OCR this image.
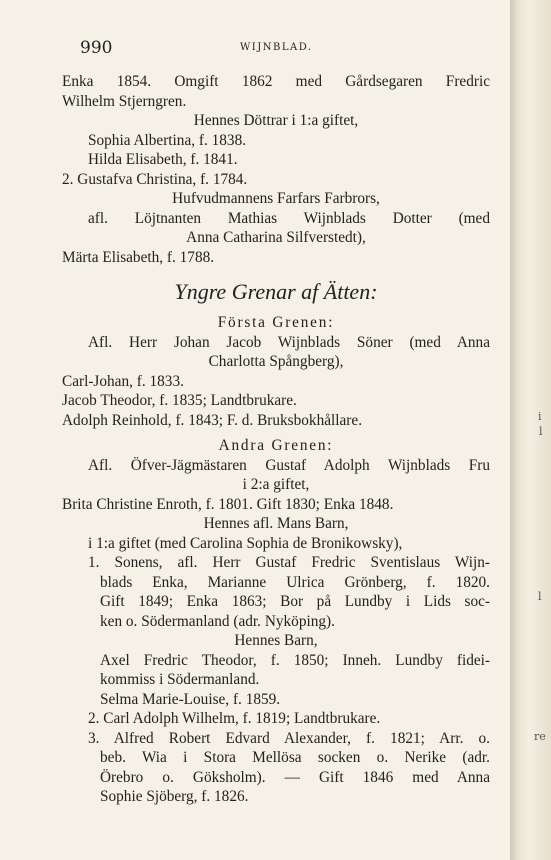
990	WIJNBLAD.
Enka 1854. Omgift 1862 med Gårdsegaren Fredric
Wilhelm Stjerngren.
Hennes Döttrar i 1:a giftet,
Sophia Albertina, f. 1838.
Hilda Elisabeth, f. 1841.
2. Gustafva Christina, f. 1784.
Hufvudmannens Farfars Farbrors,
afl. Löjtnanten Mathias Wijnblads Dotter (med
Anna Catharina Silfverstedt),
Märta Elisabeth, f. 1788.
Yngre Grenar af Ätten:
Första Grenen:
Afl. Herr Johan Jacob Wijnblads Söner (med Anna
Charlotta Spångberg),
Carl-Johan, f. 1833.
Jacob Theodor, f. 1835; Landtbrukare.
Adolph Reinhold, f. 1843; F. d. Bruksbokhållare.
Andra Grenen:
Afl. Öfver-Jägmästaren Gustaf Adolph Wijnblads Fru
i 2:a giftet,
Brita Christine Enroth, f. 1801. Gift 1830; Enka 1848.
Hennes afl. Mans Barn,
i 1:a giftet (med Carolina Sophia de Bronikowsky),
1. Sonens, afl. Herr Gustaf Fredric Sventislaus Wijn-
blads Enka, Marianne Ulrica Grönberg, f. 1820.
Gift 1849; Enka 1863; Bor på Lundby i Lids soc-
ken o. Södermanland (adr. Nyköping).
Hennes Barn,
Axel Fredric Theodor, f. 1850; Inneh. Lundby fidei-
kommiss i Södermanland.
Selma Marie-Louise, f. 1859.
2. Carl Adolph Wilhelm, f. 1819; Landtbrukare.
3. Alfred Robert Edvard Alexander, f. 1821; Arr. o.
beb. Wia i Stora Mellösa socken o. Nerike (adr.
Örebro o. Göksholm). — Gift 1846 med Anna
Sophie Sjöberg, f. 1826.
i
l
l
re
